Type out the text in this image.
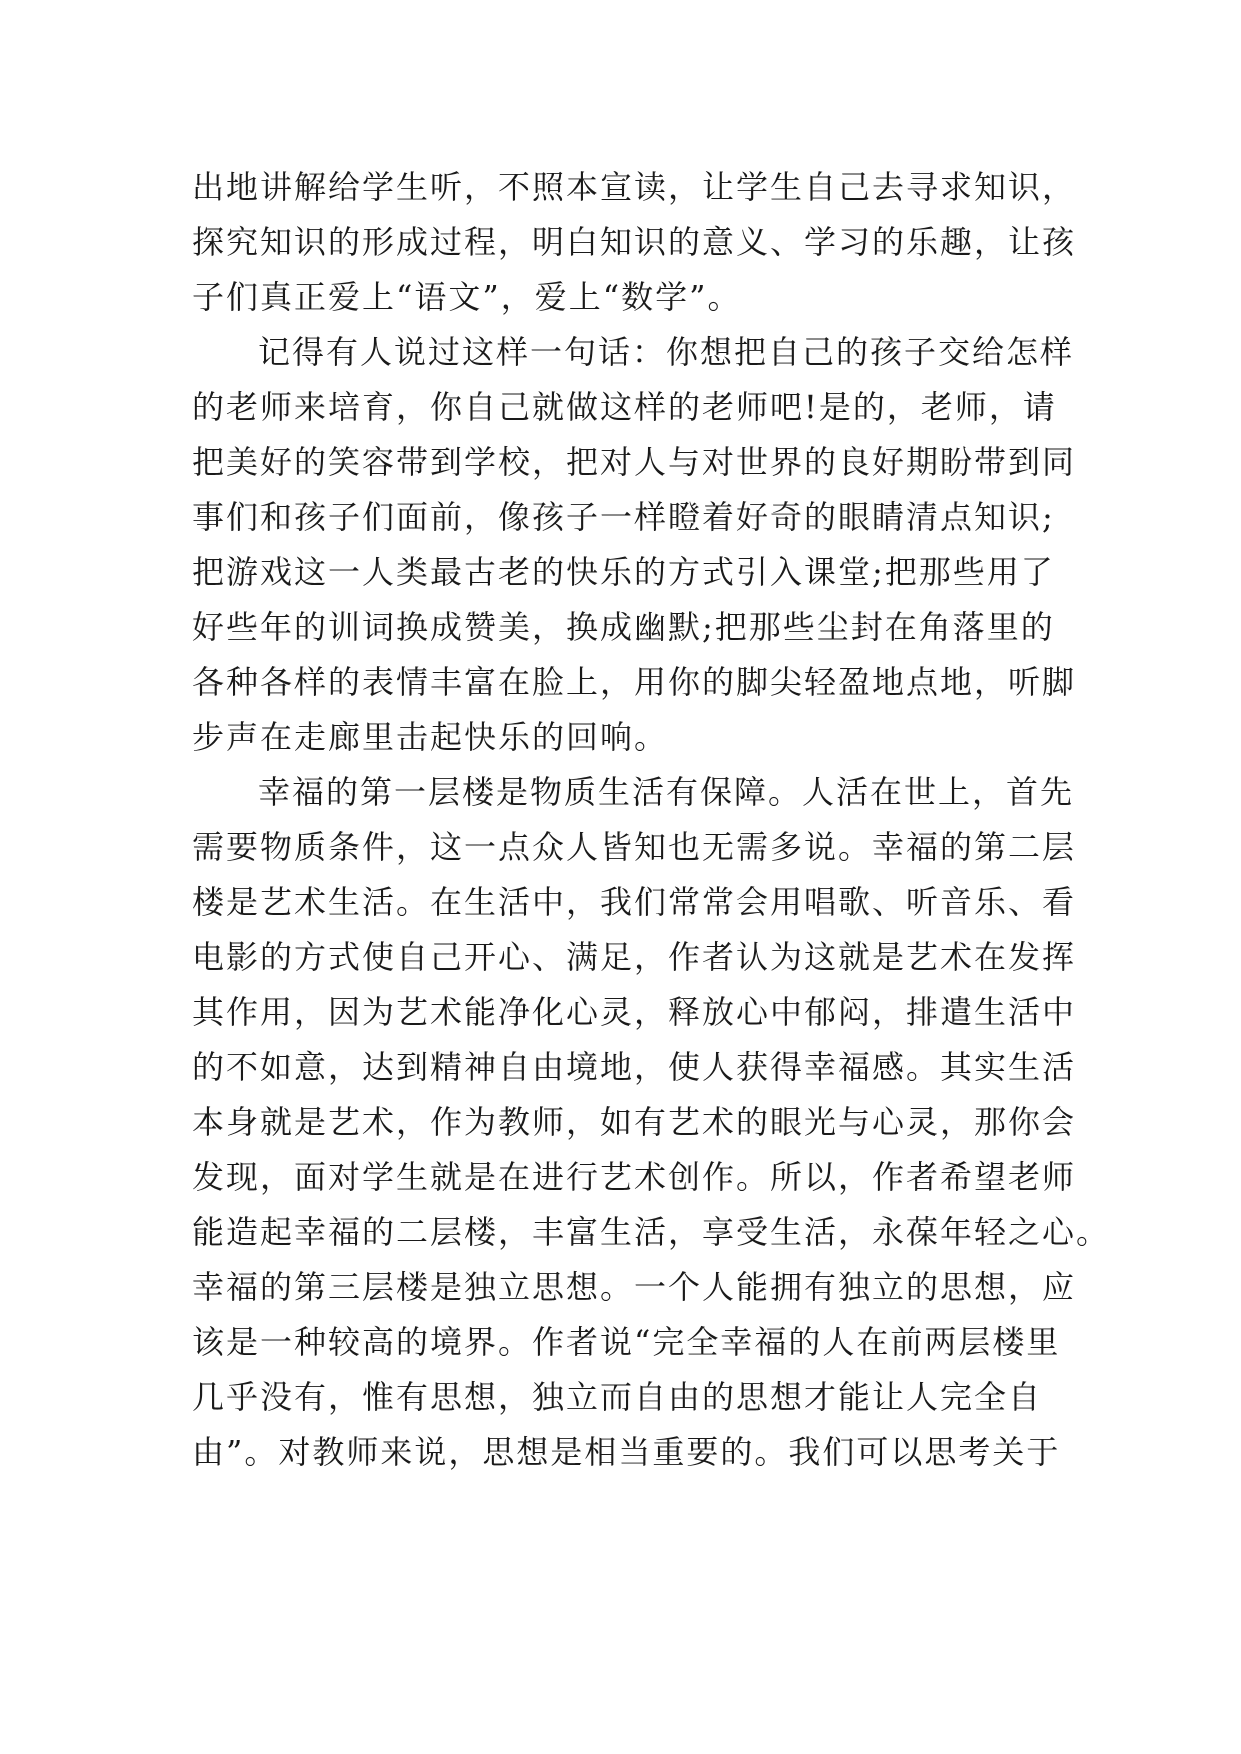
出地讲解给学生听，不照本宣读，让学生自己去寻求知识，
探究知识的形成过程，明白知识的意义、学习的乐趣，让孩
子们真正爱上“语文”，爱上“数学”。
记得有人说过这样一句话：你想把自己的孩子交给怎样
的老师来培育，你自己就做这样的老师吧!是的，老师，请
把美好的笑容带到学校，把对人与对世界的良好期盼带到同
事们和孩子们面前，像孩子一样瞪着好奇的眼睛清点知识;
把游戏这一人类最古老的快乐的方式引入课堂;把那些用了
好些年的训词换成赞美，换成幽默;把那些尘封在角落里的
各种各样的表情丰富在脸上，用你的脚尖轻盈地点地，听脚
步声在走廊里击起快乐的回响。
幸福的第一层楼是物质生活有保障。人活在世上，首先
需要物质条件，这一点众人皆知也无需多说。幸福的第二层
楼是艺术生活。在生活中，我们常常会用唱歌、听音乐、看
电影的方式使自己开心、满足，作者认为这就是艺术在发挥
其作用，因为艺术能净化心灵，释放心中郁闷，排遣生活中
的不如意，达到精神自由境地，使人获得幸福感。其实生活
本身就是艺术，作为教师，如有艺术的眼光与心灵，那你会
发现，面对学生就是在进行艺术创作。所以，作者希望老师
能造起幸福的二层楼，丰富生活，享受生活，永葆年轻之心。
幸福的第三层楼是独立思想。一个人能拥有独立的思想，应
该是一种较高的境界。作者说“完全幸福的人在前两层楼里
几乎没有，惟有思想，独立而自由的思想才能让人完全自
由”。对教师来说，思想是相当重要的。我们可以思考关于
